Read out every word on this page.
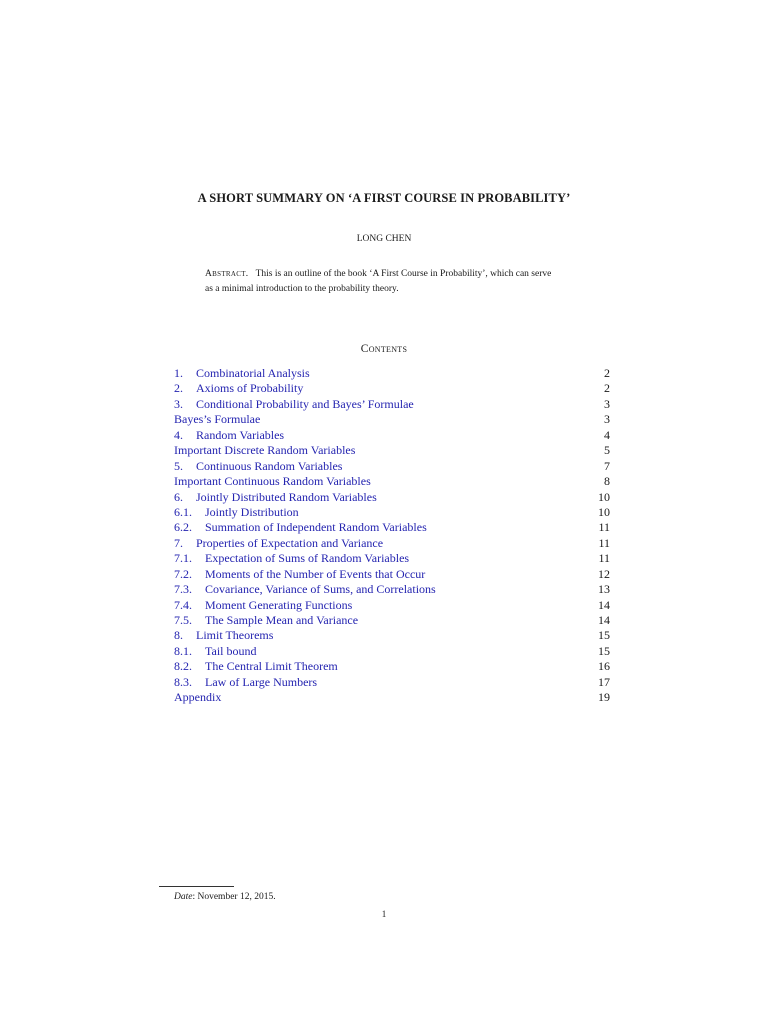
A SHORT SUMMARY ON ‘A FIRST COURSE IN PROBABILITY’
LONG CHEN
Abstract. This is an outline of the book ‘A First Course in Probability’, which can serve
as a minimal introduction to the probability theory.
Contents
1. Combinatorial Analysis	2
2. Axioms of Probability	2
3. Conditional Probability and Bayes’ Formulae	3
Bayes’s Formulae	3
4. Random Variables	4
Important Discrete Random Variables	5
5. Continuous Random Variables	7
Important Continuous Random Variables	8
6. Jointly Distributed Random Variables	10
6.1. Jointly Distribution	10
6.2. Summation of Independent Random Variables	11
7. Properties of Expectation and Variance	11
7.1. Expectation of Sums of Random Variables	11
7.2. Moments of the Number of Events that Occur	12
7.3. Covariance, Variance of Sums, and Correlations	13
7.4. Moment Generating Functions	14
7.5. The Sample Mean and Variance	14
8. Limit Theorems	15
8.1. Tail bound	15
8.2. The Central Limit Theorem	16
8.3. Law of Large Numbers	17
Appendix	19
Date: November 12, 2015.
1
